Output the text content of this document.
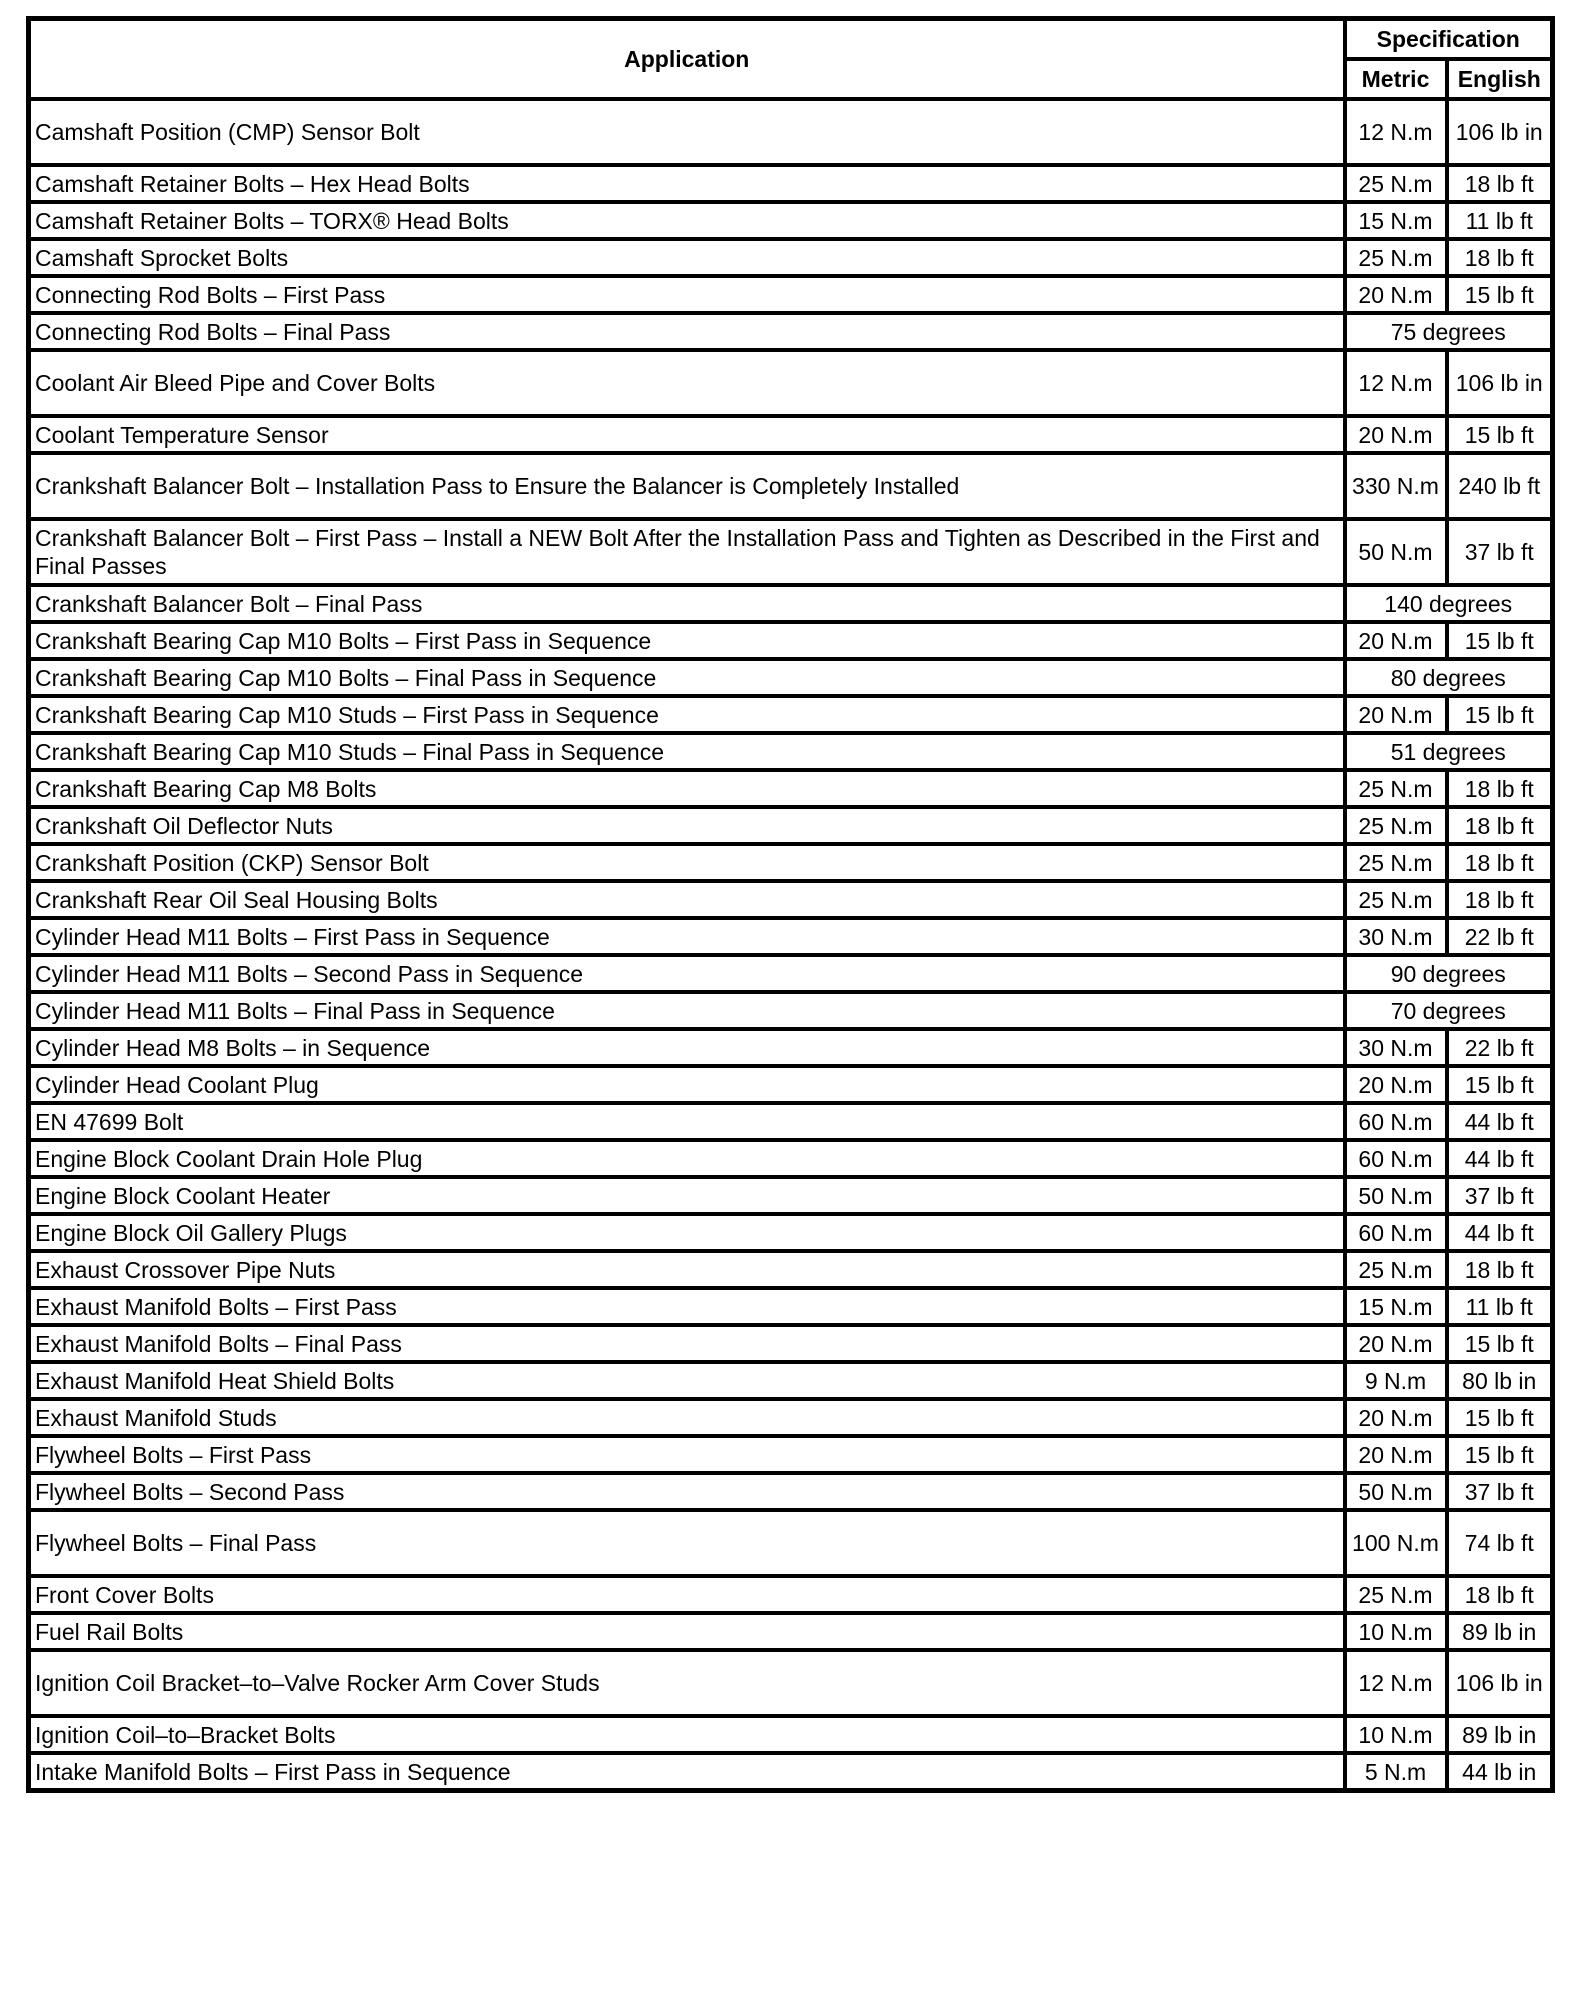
Application	Specification	
	Metric	English
Camshaft Position (CMP) Sensor Bolt	12 N.m	106 lb in
Camshaft Retainer Bolts – Hex Head Bolts	25 N.m	18 lb ft
Camshaft Retainer Bolts – TORX® Head Bolts	15 N.m	11 lb ft
Camshaft Sprocket Bolts	25 N.m	18 lb ft
Connecting Rod Bolts – First Pass	20 N.m	15 lb ft
Connecting Rod Bolts – Final Pass	75 degrees	
Coolant Air Bleed Pipe and Cover Bolts	12 N.m	106 lb in
Coolant Temperature Sensor	20 N.m	15 lb ft
Crankshaft Balancer Bolt – Installation Pass to Ensure the Balancer is Completely Installed	330 N.m	240 lb ft
Crankshaft Balancer Bolt – First Pass – Install a NEW Bolt After the Installation Pass and Tighten as Described in the First and Final Passes	50 N.m	37 lb ft
Crankshaft Balancer Bolt – Final Pass	140 degrees	
Crankshaft Bearing Cap M10 Bolts – First Pass in Sequence	20 N.m	15 lb ft
Crankshaft Bearing Cap M10 Bolts – Final Pass in Sequence	80 degrees	
Crankshaft Bearing Cap M10 Studs – First Pass in Sequence	20 N.m	15 lb ft
Crankshaft Bearing Cap M10 Studs – Final Pass in Sequence	51 degrees	
Crankshaft Bearing Cap M8 Bolts	25 N.m	18 lb ft
Crankshaft Oil Deflector Nuts	25 N.m	18 lb ft
Crankshaft Position (CKP) Sensor Bolt	25 N.m	18 lb ft
Crankshaft Rear Oil Seal Housing Bolts	25 N.m	18 lb ft
Cylinder Head M11 Bolts – First Pass in Sequence	30 N.m	22 lb ft
Cylinder Head M11 Bolts – Second Pass in Sequence	90 degrees	
Cylinder Head M11 Bolts – Final Pass in Sequence	70 degrees	
Cylinder Head M8 Bolts – in Sequence	30 N.m	22 lb ft
Cylinder Head Coolant Plug	20 N.m	15 lb ft
EN 47699 Bolt	60 N.m	44 lb ft
Engine Block Coolant Drain Hole Plug	60 N.m	44 lb ft
Engine Block Coolant Heater	50 N.m	37 lb ft
Engine Block Oil Gallery Plugs	60 N.m	44 lb ft
Exhaust Crossover Pipe Nuts	25 N.m	18 lb ft
Exhaust Manifold Bolts – First Pass	15 N.m	11 lb ft
Exhaust Manifold Bolts – Final Pass	20 N.m	15 lb ft
Exhaust Manifold Heat Shield Bolts	9 N.m	80 lb in
Exhaust Manifold Studs	20 N.m	15 lb ft
Flywheel Bolts – First Pass	20 N.m	15 lb ft
Flywheel Bolts – Second Pass	50 N.m	37 lb ft
Flywheel Bolts – Final Pass	100 N.m	74 lb ft
Front Cover Bolts	25 N.m	18 lb ft
Fuel Rail Bolts	10 N.m	89 lb in
Ignition Coil Bracket–to–Valve Rocker Arm Cover Studs	12 N.m	106 lb in
Ignition Coil–to–Bracket Bolts	10 N.m	89 lb in
Intake Manifold Bolts – First Pass in Sequence	5 N.m	44 lb in
